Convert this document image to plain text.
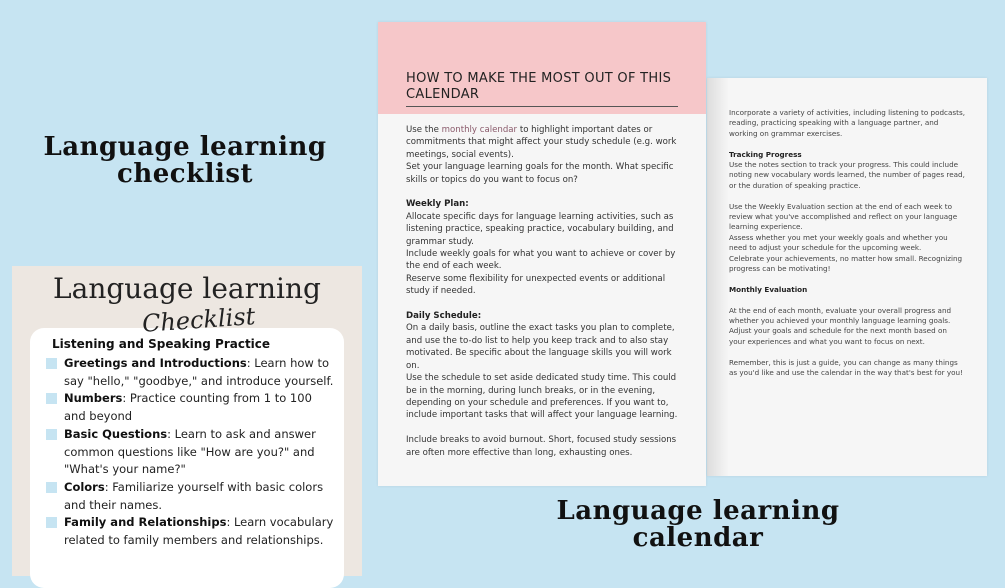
Language learning checklist
Language learning calendar
Language learning
Checklist
Listening and Speaking Practice
Greetings and Introductions: Learn how to say "hello," "goodbye," and introduce yourself.
Numbers: Practice counting from 1 to 100 and beyond
Basic Questions: Learn to ask and answer common questions like "How are you?" and "What's your name?"
Colors: Familiarize yourself with basic colors and their names.
Family and Relationships: Learn vocabulary related to family members and relationships.

Incorporate a variety of activities, including listening to podcasts, reading, practicing speaking with a language partner, and working on grammar exercises.

Tracking Progress

Use the notes section to track your progress. This could include noting new vocabulary words learned, the number of pages read, or the duration of speaking practice.

Use the Weekly Evaluation section at the end of each week to review what you've accomplished and reflect on your language learning experience.

Assess whether you met your weekly goals and whether you need to adjust your schedule for the upcoming week.

Celebrate your achievements, no matter how small. Recognizing progress can be motivating!

Monthly Evaluation

At the end of each month, evaluate your overall progress and whether you achieved your monthly language learning goals.

Adjust your goals and schedule for the next month based on your experiences and what you want to focus on next.

Remember, this is just a guide, you can change as many things as you'd like and use the calendar in the way that's best for you!

HOW TO MAKE THE MOST OUT OF THIS CALENDAR

Use the monthly calendar to highlight important dates or commitments that might affect your study schedule (e.g. work meetings, social events).

Set your language learning goals for the month. What specific skills or topics do you want to focus on?

Weekly Plan:

Allocate specific days for language learning activities, such as listening practice, speaking practice, vocabulary building, and grammar study.

Include weekly goals for what you want to achieve or cover by the end of each week.

Reserve some flexibility for unexpected events or additional study if needed.

Daily Schedule:

On a daily basis, outline the exact tasks you plan to complete, and use the to-do list to help you keep track and to also stay motivated. Be specific about the language skills you will work on.

Use the schedule to set aside dedicated study time. This could be in the morning, during lunch breaks, or in the evening, depending on your schedule and preferences. If you want to, include important tasks that will affect your language learning.

Include breaks to avoid burnout. Short, focused study sessions are often more effective than long, exhausting ones.
